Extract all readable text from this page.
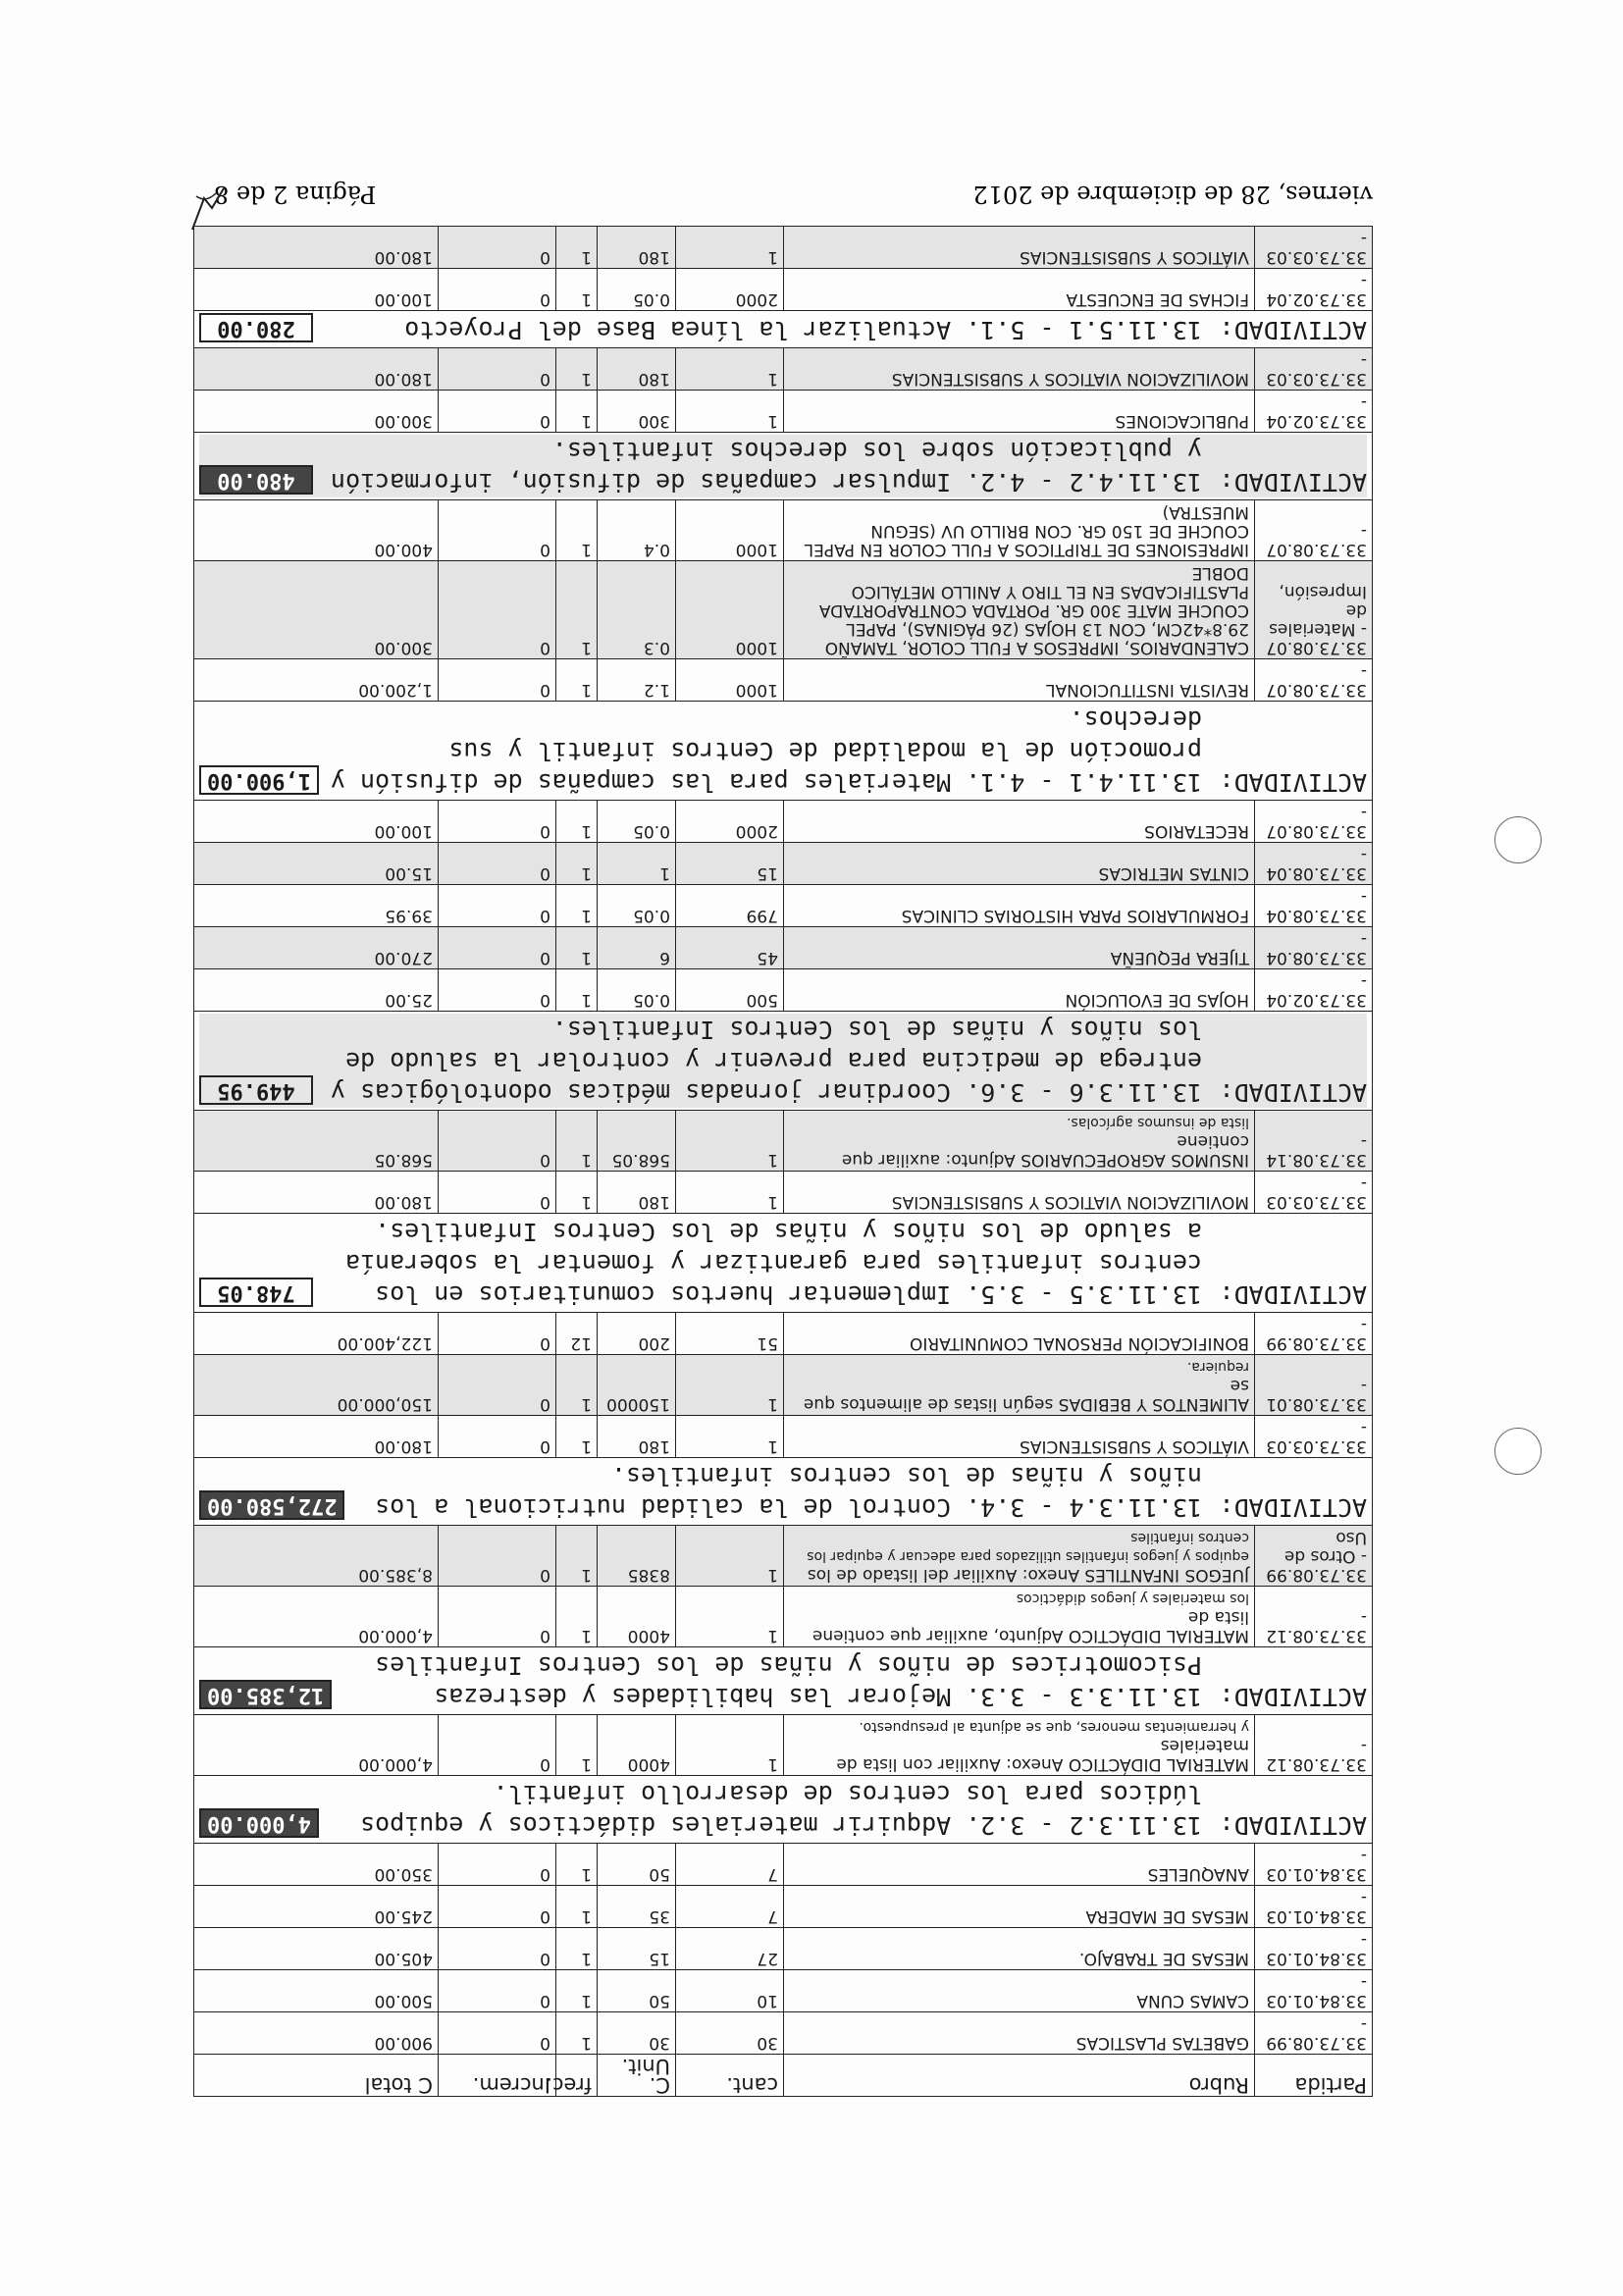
Partida	Rubro	cant.	C. Unit.	frec.	Increm.	C total
33.73.08.99 -	GABETAS PLASTICAS	30	30	1	0	900.00
33.84.01.03 -	CAMAS CUNA	10	50	1	0	500.00
33.84.01.03 -	MESAS DE TRABAJO.	27	15	1	0	405.00
33.84.01.03 -	MESAS DE MADERA	7	35	1	0	245.00
33.84.01.03 -	ANAQUELES	7	50	1	0	350.00

ACTIVIDAD:
13.11.3.2 - 3.2. Adquirir materiales didácticos y equipos lúdicos para los centros de desarrollo infantil.
4,000.00						

33.73.08.12 -	MATERIAL DIDÁCTICO Anexo: Auxiliar con lista de materiales
y herramientas menores, que se adjunta al presupuesto.	1	4000	1	0	4,000.00

ACTIVIDAD:
13.11.3.3 - 3.3. Mejorar las habilidades y destrezas Psicomotrices de niños y niñas de los Centros Infantiles
12,385.00						

33.73.08.12 -	MATERIAL DIDÁCTICO Adjunto, auxiliar que contiene lista de
los materiales y juegos didácticos	1	4000	1	0	4,000.00
33.73.08.99 - Otros de Uso	JUEGOS INFANTILES Anexo: Auxiliar del listado de los
equipos y juegos infantiles utilizados para adecuar y equipar los centros infantiles	1	8385	1	0	8,385.00

ACTIVIDAD:
13.11.3.4 - 3.4. Control de la calidad nutricional a los niños y niñas de los centros infantiles.
272,580.00						

33.73.03.03 -	VIÁTICOS Y SUBSISTENCIAS	1	180	1	0	180.00
33.73.08.01 -	ALIMENTOS Y BEBIDAS según listas de alimentos que se
requiera.	1	150000	1	0	150,000.00
33.73.08.99 -	BONIFICACIÓN PERSONAL COMUNITARIO	51	200	12	0	122,400.00

ACTIVIDAD:
13.11.3.5 - 3.5. Implementar huertos comunitarios en los centros infantiles para garantizar y fomentar la soberanía a saludo de los niños y niñas de los Centros Infantiles.
748.05						

33.73.03.03 -	MOVILIZACION VIATICOS Y SUBSISTENCIAS	1	180	1	0	180.00
33.73.08.14 -	INSUMOS AGROPECUARIOS Adjunto: auxiliar que contiene
lista de insumos agrícolas.	1	568.05	1	0	568.05

ACTIVIDAD:
13.11.3.6 - 3.6. Coordinar jornadas médicas odontológicas y entrega de medicina para prevenir y controlar la saludo de los niños y niñas de los Centros Infantiles.
449.95						

33.73.02.04 -	HOJAS DE EVOLUCIÓN	500	0.05	1	0	25.00
33.73.08.04 -	TIJERA PEQUEÑA	45	6	1	0	270.00
33.73.08.04 -	FORMULARIOS PARA HISTORIAS CLINICAS	799	0.05	1	0	39.95
33.73.08.04 -	CINTAS METRICAS	15	1	1	0	15.00
33.73.08.07 -	RECETARIOS	2000	0.05	1	0	100.00

ACTIVIDAD:
13.11.4.1 - 4.1. Materiales para las campañas de difusión y promoción de la modalidad de Centros infantil y sus derechos.
1,900.00						

33.73.08.07 -	REVISTA INSTITUCIONAL	1000	1.2	1	0	1,200.00
33.73.08.07 - Materiales de Impresión,	CALENDARIOS, IMPRESOS A FULL COLOR, TAMAÑO 29.8*42CM, CON 13 HOJAS (26 PÁGINAS), PAPEL COUCHE MATE 300 GR. PORTADA CONTRAPORTADA PLASTIFICADAS EN EL TIRO Y ANILLO METÁLICO DOBLE	1000	0.3	1	0	300.00
33.73.08.07 -	IMPRESIONES DE TRIPTICOS A FULL COLOR EN PAPEL COUCHE DE 150 GR. CON BRILLO UV (SEGUN MUESTRA)	1000	0.4	1	0	400.00

ACTIVIDAD:
13.11.4.2 - 4.2. Impulsar campañas de difusión, información y publicación sobre los derechos infantiles.
480.00						

33.73.02.04 -	PUBLICACIONES	1	300	1	0	300.00
33.73.03.03 -	MOVILIZACION VIATICOS Y SUBSISTENCIAS	1	180	1	0	180.00

ACTIVIDAD:
13.11.5.1 - 5.1. Actualizar la línea Base del Proyecto
280.00						

33.73.02.04 -	FICHAS DE ENCUESTA	2000	0.05	1	0	100.00
33.73.03.03 -	VIÁTICOS Y SUBSISTENCIAS	1	180	1	0	180.00
viernes, 28 de diciembre de 2012
Página 2 de 8
